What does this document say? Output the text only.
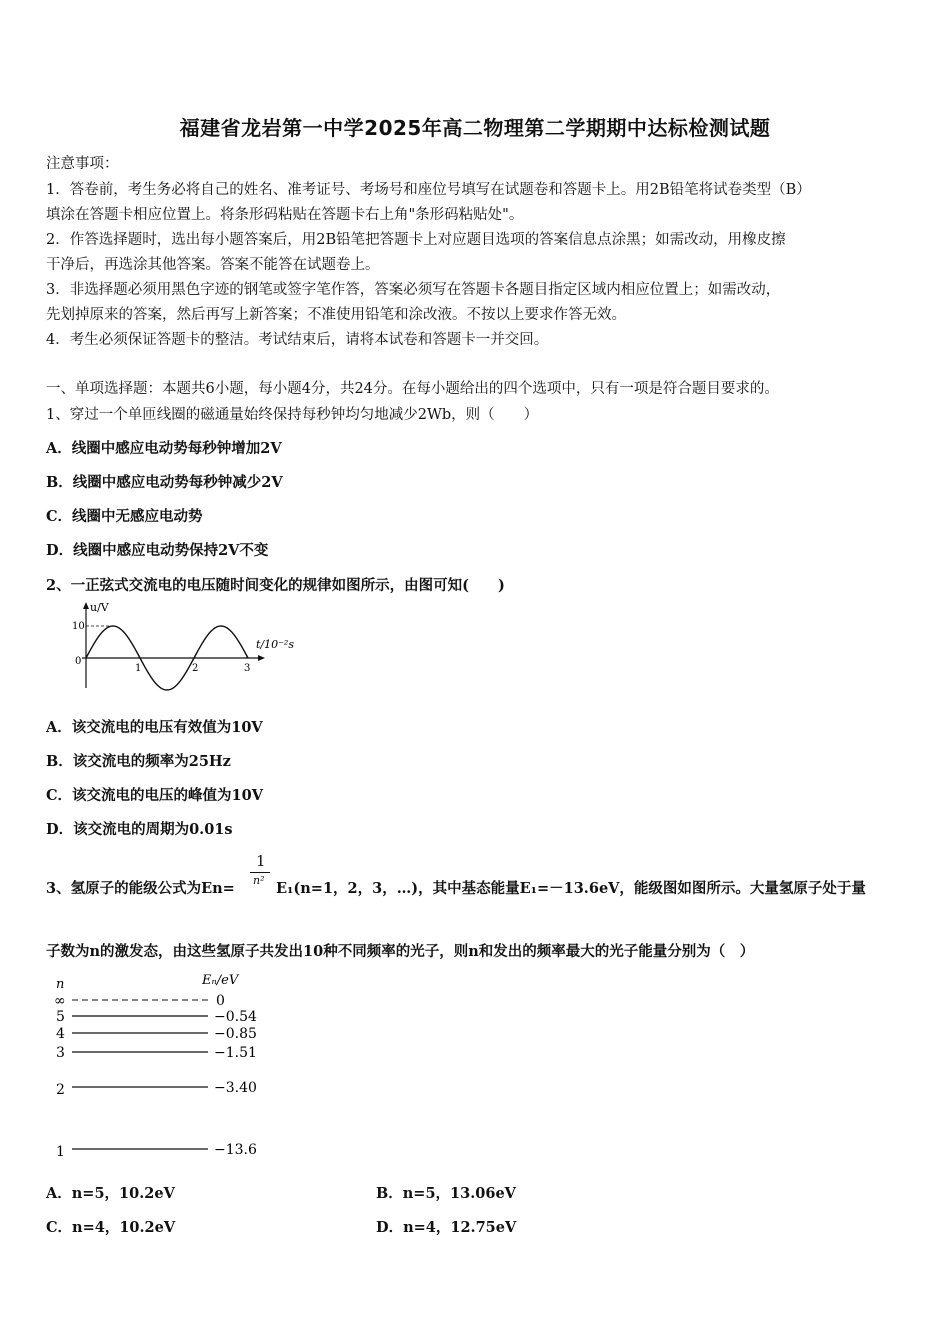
福建省龙岩第一中学2025年高二物理第二学期期中达标检测试题
注意事项：
1．答卷前，考生务必将自己的姓名、准考证号、考场号和座位号填写在试题卷和答题卡上。用2B铅笔将试卷类型（B）
填涂在答题卡相应位置上。将条形码粘贴在答题卡右上角"条形码粘贴处"。
2．作答选择题时，选出每小题答案后，用2B铅笔把答题卡上对应题目选项的答案信息点涂黑；如需改动，用橡皮擦
干净后，再选涂其他答案。答案不能答在试题卷上。
3．非选择题必须用黑色字迹的钢笔或签字笔作答，答案必须写在答题卡各题目指定区域内相应位置上；如需改动，
先划掉原来的答案，然后再写上新答案；不准使用铅笔和涂改液。不按以上要求作答无效。
4．考生必须保证答题卡的整洁。考试结束后，请将本试卷和答题卡一并交回。
一、单项选择题：本题共6小题，每小题4分，共24分。在每小题给出的四个选项中，只有一项是符合题目要求的。
1、穿过一个单匝线圈的磁通量始终保持每秒钟均匀地减少2Wb，则（　　）
A．线圈中感应电动势每秒钟增加2V
B．线圈中感应电动势每秒钟减少2V
C．线圈中无感应电动势
D．线圈中感应电动势保持2V不变
2、一正弦式交流电的电压随时间变化的规律如图所示，由图可知(　　)
u/V
10
0
t/10⁻²s
1	2	3
A．该交流电的电压有效值为10V
B．该交流电的频率为25Hz
C．该交流电的电压的峰值为10V
D．该交流电的周期为0.01s
1
n²
3、氢原子的能级公式为En=	E₁(n=1，2，3，…)，其中基态能量E₁=－13.6eV，能级图如图所示。大量氢原子处于量
子数为n的激发态，由这些氢原子共发出10种不同频率的光子，则n和发出的频率最大的光子能量分别为（　）
n	Eₙ/eV
∞	0
5	−0.54
4	−0.85
3	−1.51
2	−3.40
1	−13.6
A．n=5，10.2eV	B．n=5，13.06eV
C．n=4，10.2eV	D．n=4，12.75eV
